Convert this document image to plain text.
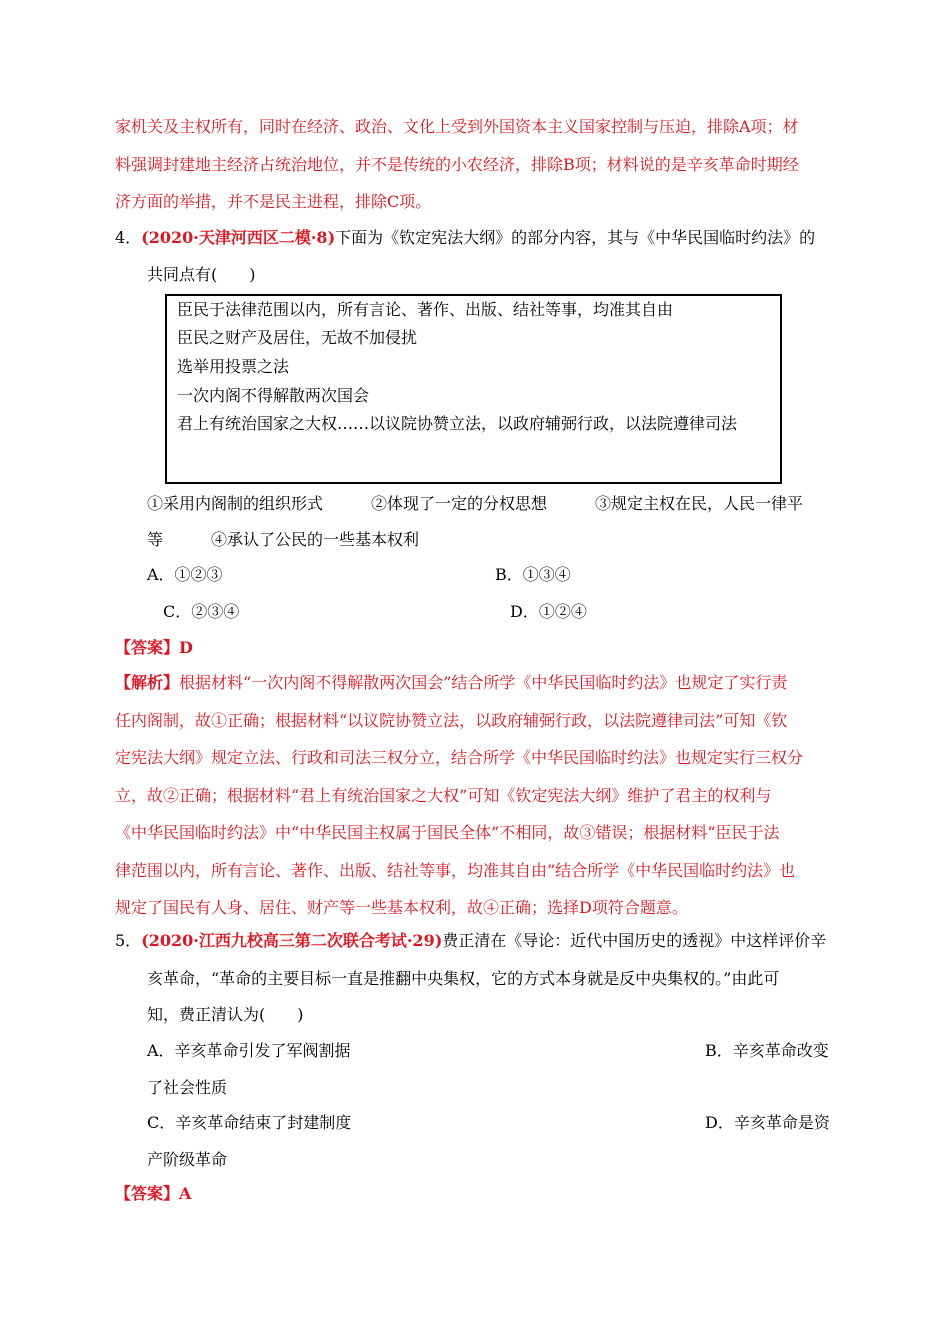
家机关及主权所有，同时在经济、政治、文化上受到外国资本主义国家控制与压迫，排除A项；材
料强调封建地主经济占统治地位，并不是传统的小农经济，排除B项；材料说的是辛亥革命时期经
济方面的举措，并不是民主进程，排除C项。
4．(2020·天津河西区二模·8)下面为《钦定宪法大纲》的部分内容，其与《中华民国临时约法》的
共同点有(　　)
臣民于法律范围以内，所有言论、著作、出版、结社等事，均准其自由
臣民之财产及居住，无故不加侵扰
选举用投票之法
一次内阁不得解散两次国会
君上有统治国家之大权……以议院协赞立法，以政府辅弼行政，以法院遵律司法
①采用内阁制的组织形式　　　②体现了一定的分权思想　　　③规定主权在民，人民一律平
等　　　④承认了公民的一些基本权利
A．①②③	B．①③④
C．②③④	D．①②④
【答案】D
【解析】根据材料“一次内阁不得解散两次国会”结合所学《中华民国临时约法》也规定了实行责
任内阁制，故①正确；根据材料“以议院协赞立法，以政府辅弼行政，以法院遵律司法”可知《钦
定宪法大纲》规定立法、行政和司法三权分立，结合所学《中华民国临时约法》也规定实行三权分
立，故②正确；根据材料“君上有统治国家之大权”可知《钦定宪法大纲》维护了君主的权利与
《中华民国临时约法》中“中华民国主权属于国民全体”不相同，故③错误；根据材料“臣民于法
律范围以内，所有言论、著作、出版、结社等事，均准其自由”结合所学《中华民国临时约法》也
规定了国民有人身、居住、财产等一些基本权利，故④正确；选择D项符合题意。
5．(2020·江西九校高三第二次联合考试·29)费正清在《导论：近代中国历史的透视》中这样评价辛
亥革命，“革命的主要目标一直是推翻中央集权，它的方式本身就是反中央集权的。”由此可
知，费正清认为(　　)
A．辛亥革命引发了军阀割据	B．辛亥革命改变
了社会性质
C．辛亥革命结束了封建制度	D．辛亥革命是资
产阶级革命
【答案】A
